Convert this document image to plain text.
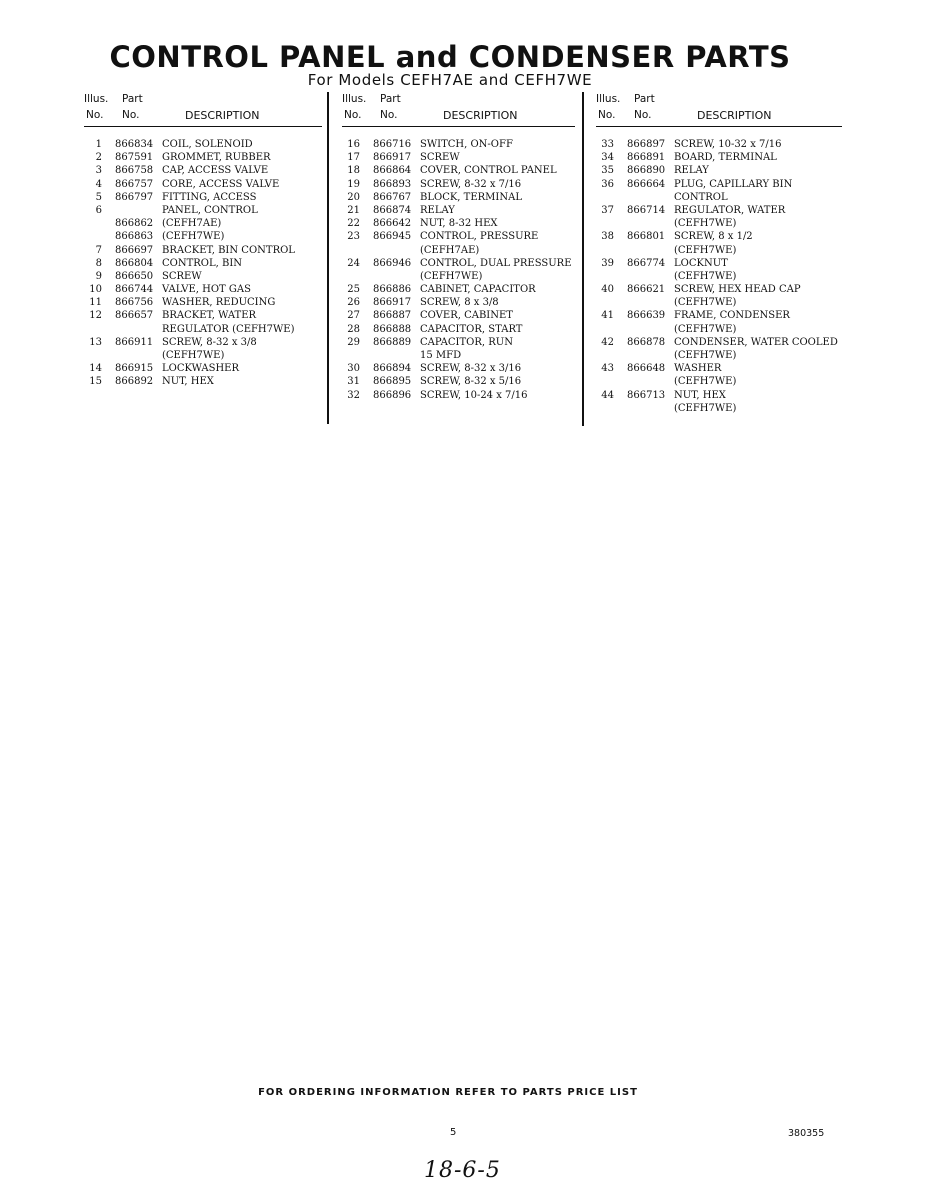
CONTROL PANEL and CONDENSER PARTS
For Models CEFH7AE and CEFH7WE
Illus. Part
No. No.	DESCRIPTION
1 866834 COIL, SOLENOID
2 867591 GROMMET, RUBBER
3 866758 CAP, ACCESS VALVE
4 866757 CORE, ACCESS VALVE
5 866797 FITTING, ACCESS
6	PANEL, CONTROL
866862 (CEFH7AE)
866863 (CEFH7WE)
7 866697 BRACKET, BIN CONTROL
8 866804 CONTROL, BIN
9 866650 SCREW
10 866744 VALVE, HOT GAS
11 866756 WASHER, REDUCING
12 866657 BRACKET, WATER
REGULATOR (CEFH7WE)
13 866911 SCREW, 8-32 x 3/8
(CEFH7WE)
14 866915 LOCKWASHER
15 866892 NUT, HEX
Illus. Part
No. No.	DESCRIPTION
16 866716 SWITCH, ON-OFF
17 866917 SCREW
18 866864 COVER, CONTROL PANEL
19 866893 SCREW, 8-32 x 7/16
20 866767 BLOCK, TERMINAL
21 866874 RELAY
22 866642 NUT, 8-32 HEX
23 866945 CONTROL, PRESSURE
(CEFH7AE)
24 866946 CONTROL, DUAL PRESSURE
(CEFH7WE)
25 866886 CABINET, CAPACITOR
26 866917 SCREW, 8 x 3/8
27 866887 COVER, CABINET
28 866888 CAPACITOR, START
29 866889 CAPACITOR, RUN
15 MFD
30 866894 SCREW, 8-32 x 3/16
31 866895 SCREW, 8-32 x 5/16
32 866896 SCREW, 10-24 x 7/16
Illus. Part
No. No.	DESCRIPTION
33 866897 SCREW, 10-32 x 7/16
34 866891 BOARD, TERMINAL
35 866890 RELAY
36 866664 PLUG, CAPILLARY BIN
CONTROL
37 866714 REGULATOR, WATER
(CEFH7WE)
38 866801 SCREW, 8 x 1/2
(CEFH7WE)
39 866774 LOCKNUT
(CEFH7WE)
40 866621 SCREW, HEX HEAD CAP
(CEFH7WE)
41 866639 FRAME, CONDENSER
(CEFH7WE)
42 866878 CONDENSER, WATER COOLED
(CEFH7WE)
43 866648 WASHER
(CEFH7WE)
44 866713 NUT, HEX
(CEFH7WE)
FOR ORDERING INFORMATION REFER TO PARTS PRICE LIST
5	380355
18-6-5
